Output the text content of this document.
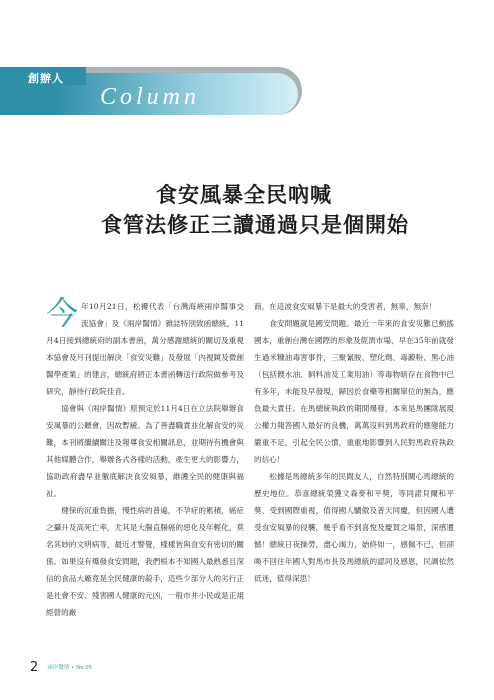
創辦人
Column
食安風暴全民吶喊
食管法修正三讀通過只是個開始

今年10月21日，松擾代表「台灣海峽兩岸醫事交流協會」及《兩岸醫情》雜誌特別致函總統，11月4日接到總統府的副本書函，萬分感謝總統的關切及重視本協會及月刊提出解決「食安災難」及發展「內視鏡及微創醫學產業」的建言，總統府將正本書函轉送行政院做參考及研究，靜待行政院佳音。

協會與《兩岸醫情》原預定於11月4日在立法院舉辦食安風暴的公聽會，因故暫緩。為了善盡職責並化解食安的災難，本刊將繼續關注及報導食安相關訊息，並期待有機會與其他媒體合作，舉辦各式各樣的活動，產生更大的影響力，協助政府盡早並徹底解決食安風暴，維護全民的健康與福祉。

健保的沉重負擔，慢性病的普遍，不孕症的累積，癌症之攝升及高死亡率，尤其是大腸直腸癌的惡化及年輕化，莫名其妙的文明病等，最近才警覺，樣樣皆與食安有密切的關係。如果沒有爆發食安問題，我們根本不知國人最熟悉且深信的食品大廠竟是全民健康的殺手，這些少部分人的劣行正是社會不安、殘害國人健康的元凶，一般市井小民或是正規經營的廠

商，在這波食安風暴下是最大的受害者，無辜，無奈！

食安問題就是國安問題。最近一年來的食安災難已動搖國本，重創台灣在國際的形象及經濟市場，早在35年前就發生過米糠油毒害事件，三聚氰胺、塑化劑、毒澱粉、黑心油（包括餿水油、飼料油及工業用油）等毒物暗存在食物中已有多年，未能及早發現，歸因於食藥等相關單位的無為，應負最大責任。在馬總統執政的期間爆發，本來是馬團隊展現公權力報答國人最好的良機，萬萬沒料到馬政府的應變能力嚴重不足，引起全民公憤，重重地影響到人民對馬政府執政的信心！

松據是馬總統多年的民間友人，自然特別關心馬總統的歷史地位。恭喜總統榮獲文森麥和平獎，等同諾貝爾和平獎，受到國際重視，值得國人驕傲及普天同慶，但因國人遭受食安風暴的侵襲，幾乎看不到喜悅及慶賀之場景，深感遺憾！總統日夜操勞，盡心竭力，始終如一，感佩不已，但卻喚不回往年國人對馬市長及馬總統的認同及感恩，民調依然低迷，值得深思！

2 兩岸醫情 • No.05
